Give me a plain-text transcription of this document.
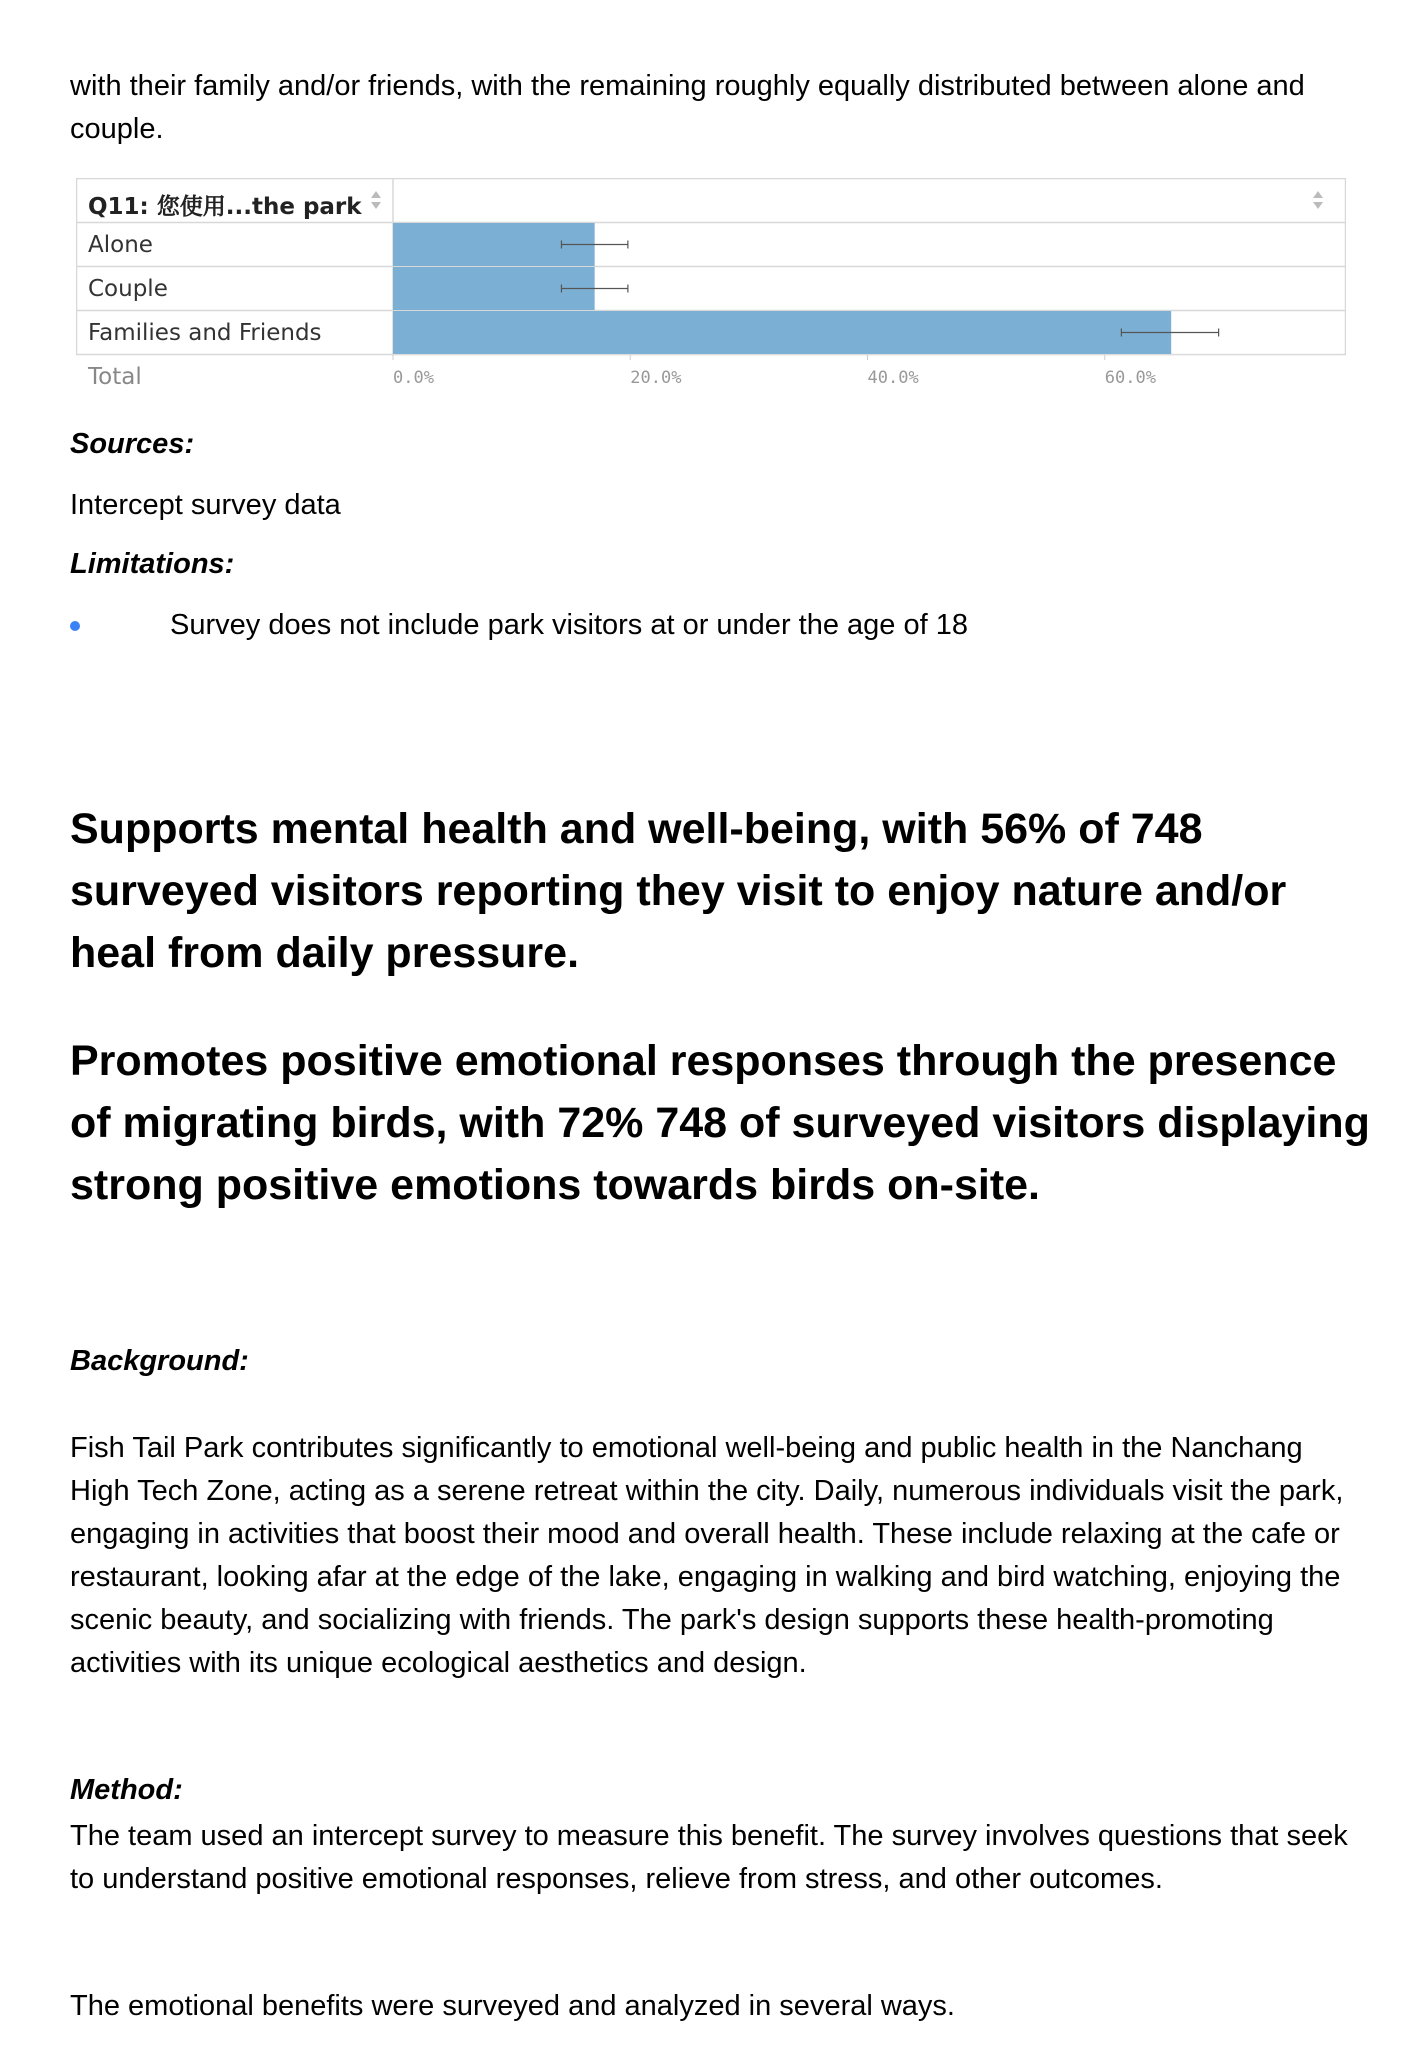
with their family and/or friends, with the remaining roughly equally distributed between alone and couple.

Q11: 您使用...the park
Alone
Couple
Families and Friends
Total	0.0%	20.0%	40.0%	60.0%

Sources:

Intercept survey data

Limitations:

Survey does not include park visitors at or under the age of 18
Supports mental health and well-being, with 56% of 748 surveyed visitors reporting they visit to enjoy nature and/or heal from daily pressure.
Promotes positive emotional responses through the presence of migrating birds, with 72% 748 of surveyed visitors displaying strong positive emotions towards birds on-site.

Background:

Fish Tail Park contributes significantly to emotional well-being and public health in the Nanchang High Tech Zone, acting as a serene retreat within the city. Daily, numerous individuals visit the park, engaging in activities that boost their mood and overall health. These include relaxing at the cafe or restaurant, looking afar at the edge of the lake, engaging in walking and bird watching, enjoying the scenic beauty, and socializing with friends. The park's design supports these health-promoting activities with its unique ecological aesthetics and design.

Method:

The team used an intercept survey to measure this benefit. The survey involves questions that seek to understand positive emotional responses, relieve from stress, and other outcomes.

The emotional benefits were surveyed and analyzed in several ways.
